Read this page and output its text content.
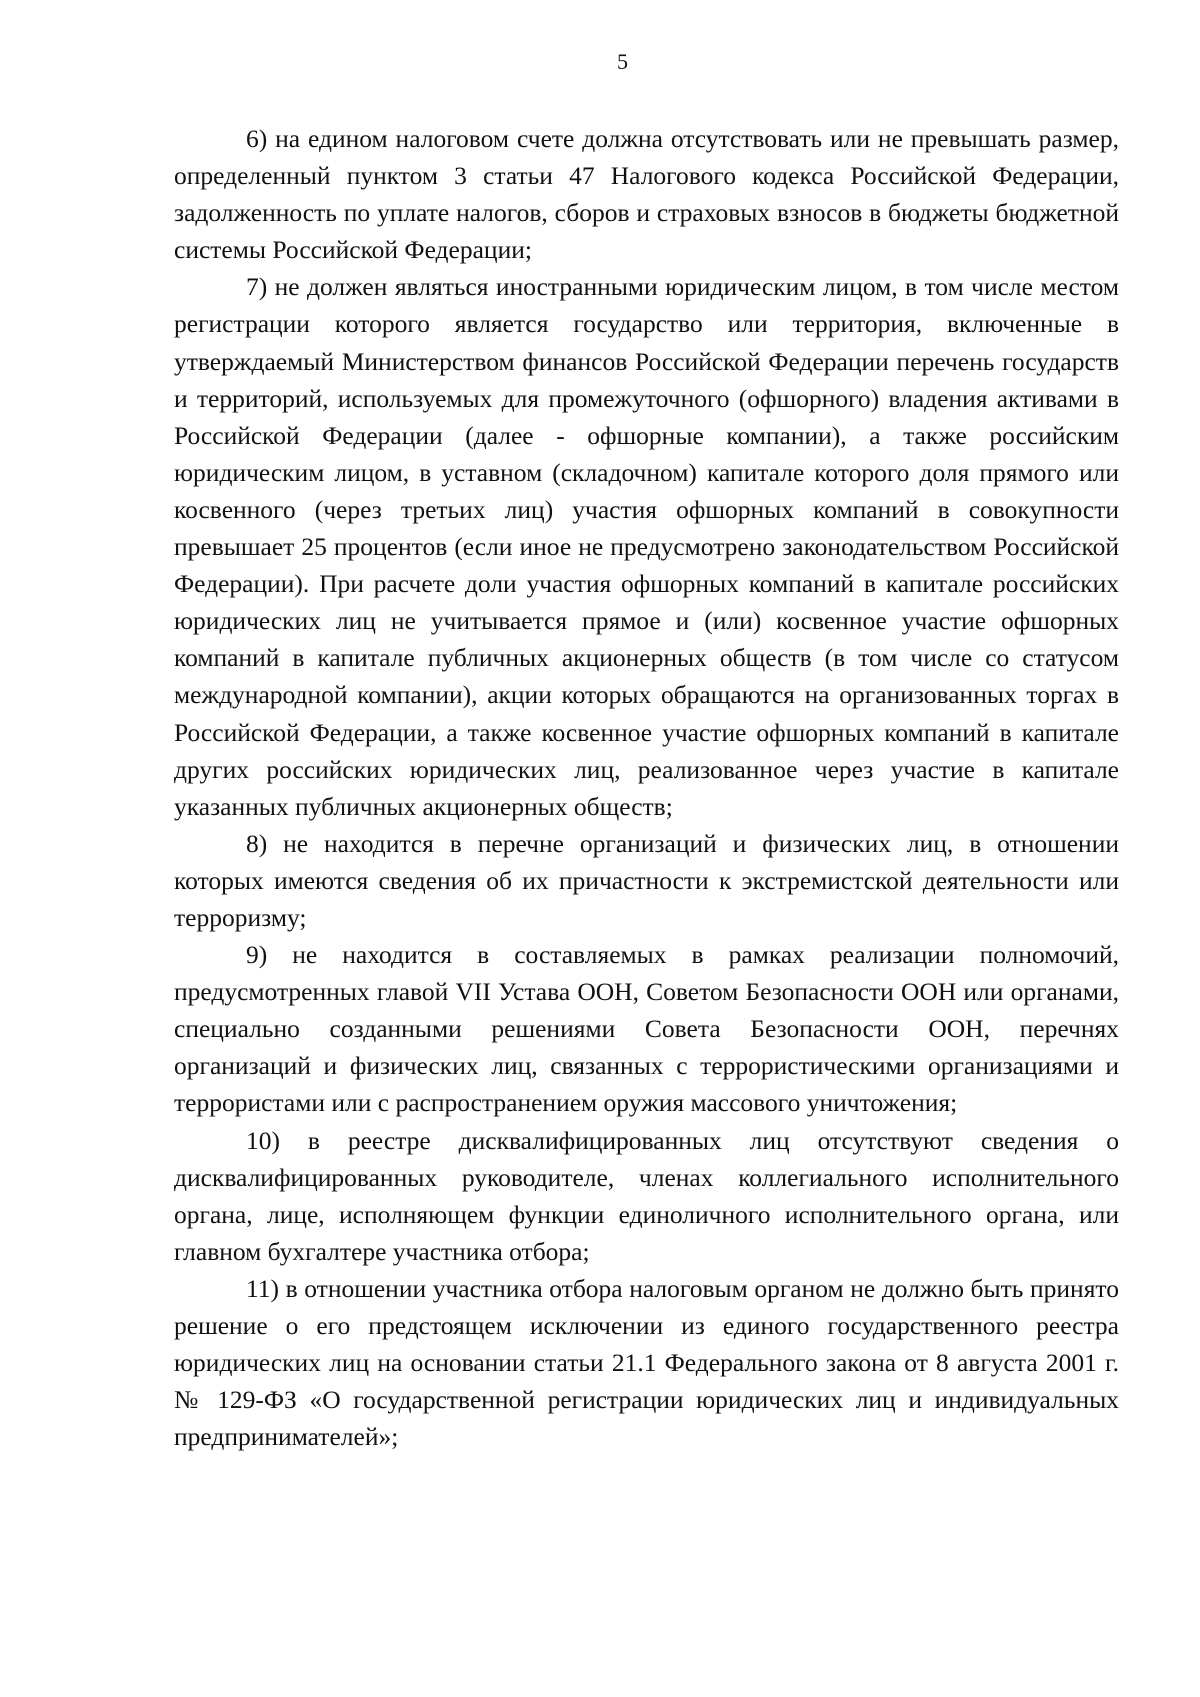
5

6) на едином налоговом счете должна отсутствовать или не превышать размер, определенный пунктом 3 статьи 47 Налогового кодекса Российской Федерации, задолженность по уплате налогов, сборов и страховых взносов в бюджеты бюджетной системы Российской Федерации;

7) не должен являться иностранными юридическим лицом, в том числе местом регистрации которого является государство или территория, включенные в утверждаемый Министерством финансов Российской Федерации перечень государств и территорий, используемых для промежуточного (офшорного) владения активами в Российской Федерации (далее - офшорные компании), а также российским юридическим лицом, в уставном (складочном) капитале которого доля прямого или косвенного (через третьих лиц) участия офшорных компаний в совокупности превышает 25 процентов (если иное не предусмотрено законодательством Российской Федерации). При расчете доли участия офшорных компаний в капитале российских юридических лиц не учитывается прямое и (или) косвенное участие офшорных компаний в капитале публичных акционерных обществ (в том числе со статусом международной компании), акции которых обращаются на организованных торгах в Российской Федерации, а также косвенное участие офшорных компаний в капитале других российских юридических лиц, реализованное через участие в капитале указанных публичных акционерных обществ;

8) не находится в перечне организаций и физических лиц, в отношении которых имеются сведения об их причастности к экстремистской деятельности или терроризму;

9) не находится в составляемых в рамках реализации полномочий, предусмотренных главой VII Устава ООН, Советом Безопасности ООН или органами, специально созданными решениями Совета Безопасности ООН, перечнях организаций и физических лиц, связанных с террористическими организациями и террористами или с распространением оружия массового уничтожения;

10) в реестре дисквалифицированных лиц отсутствуют сведения о дисквалифицированных руководителе, членах коллегиального исполнительного органа, лице, исполняющем функции единоличного исполнительного органа, или главном бухгалтере участника отбора;

11) в отношении участника отбора налоговым органом не должно быть принято решение о его предстоящем исключении из единого государственного реестра юридических лиц на основании статьи 21.1 Федерального закона от 8 августа 2001 г. № 129-ФЗ «О государственной регистрации юридических лиц и индивидуальных предпринимателей»;
